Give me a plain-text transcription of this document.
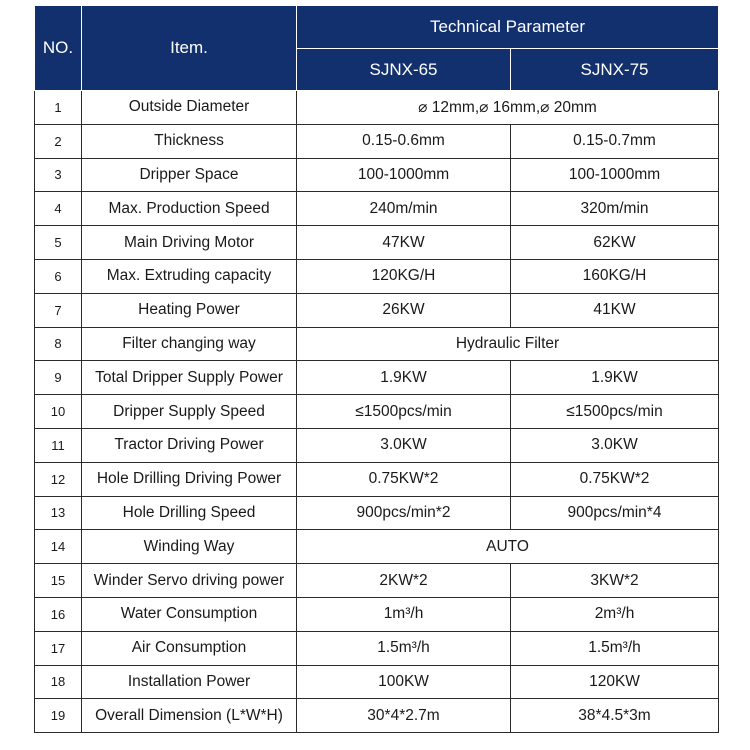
NO.	Item.	Technical Parameter	
		SJNX-65	SJNX-75
1	Outside Diameter	⌀ 12mm,⌀ 16mm,⌀ 20mm	
2	Thickness	0.15-0.6mm	0.15-0.7mm
3	Dripper Space	100-1000mm	100-1000mm
4	Max. Production Speed	240m/min	320m/min
5	Main Driving Motor	47KW	62KW
6	Max. Extruding capacity	120KG/H	160KG/H
7	Heating Power	26KW	41KW
8	Filter changing way	Hydraulic Filter	
9	Total Dripper Supply Power	1.9KW	1.9KW
10	Dripper Supply Speed	≤1500pcs/min	≤1500pcs/min
11	Tractor Driving Power	3.0KW	3.0KW
12	Hole Drilling Driving Power	0.75KW*2	0.75KW*2
13	Hole Drilling Speed	900pcs/min*2	900pcs/min*4
14	Winding Way	AUTO	
15	Winder Servo driving power	2KW*2	3KW*2
16	Water Consumption	1m³/h	2m³/h
17	Air Consumption	1.5m³/h	1.5m³/h
18	Installation Power	100KW	120KW
19	Overall Dimension (L*W*H)	30*4*2.7m	38*4.5*3m
